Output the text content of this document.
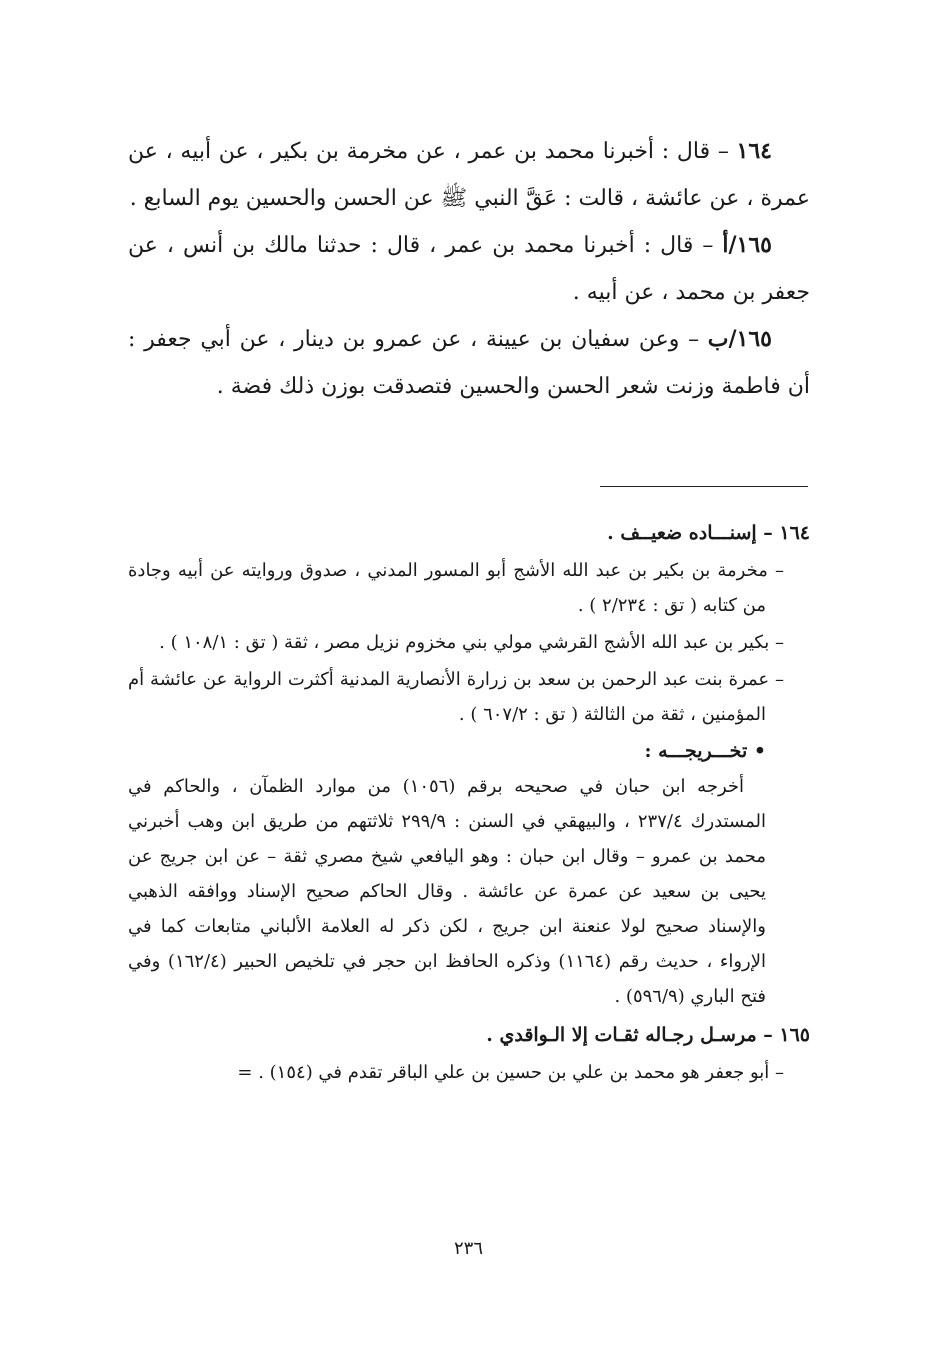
١٦٤ – قال : أخبرنا محمد بن عمر ، عن مخرمة بن بكير ، عن أبيه ، عن عمرة ، عن عائشة ، قالت : عَقَّ النبي ﷺ عن الحسن والحسين يوم السابع .

١٦٥/أ – قال : أخبرنا محمد بن عمر ، قال : حدثنا مالك بن أنس ، عن جعفر بن محمد ، عن أبيه .

١٦٥/ب – وعن سفيان بن عيينة ، عن عمرو بن دينار ، عن أبي جعفر : أن فاطمة وزنت شعر الحسن والحسين فتصدقت بوزن ذلك فضة .

١٦٤ – إسنـــاده ضعيــف .

– مخرمة بن بكير بن عبد الله الأشج أبو المسور المدني ، صدوق وروايته عن أبيه وجادة من كتابه ( تق : ٢/٢٣٤ ) .

– بكير بن عبد الله الأشج القرشي مولي بني مخزوم نزيل مصر ، ثقة ( تق : ١٠٨/١ ) .

– عمرة بنت عبد الرحمن بن سعد بن زرارة الأنصارية المدنية أكثرت الرواية عن عائشة أم المؤمنين ، ثقة من الثالثة ( تق : ٦٠٧/٢ ) .

• تخـــريجـــه :

أخرجه ابن حبان في صحيحه برقم (١٠٥٦) من موارد الظمآن ، والحاكم في المستدرك ٢٣٧/٤ ، والبيهقي في السنن : ٢٩٩/٩ ثلاثتهم من طريق ابن وهب أخبرني محمد بن عمرو – وقال ابن حبان : وهو اليافعي شيخ مصري ثقة – عن ابن جريج عن يحيى بن سعيد عن عمرة عن عائشة . وقال الحاكم صحيح الإسناد ووافقه الذهبي والإسناد صحيح لولا عنعنة ابن جريج ، لكن ذكر له العلامة الألباني متابعات كما في الإرواء ، حديث رقم (١١٦٤) وذكره الحافظ ابن حجر في تلخيص الحبير (١٦٢/٤) وفي فتح الباري (٥٩٦/٩) .

١٦٥ – مرسـل رجـاله ثقـات إلا الـواقدي .

– أبو جعفر هو محمد بن علي بن حسين بن علي الباقر تقدم في (١٥٤) . =

٢٣٦
